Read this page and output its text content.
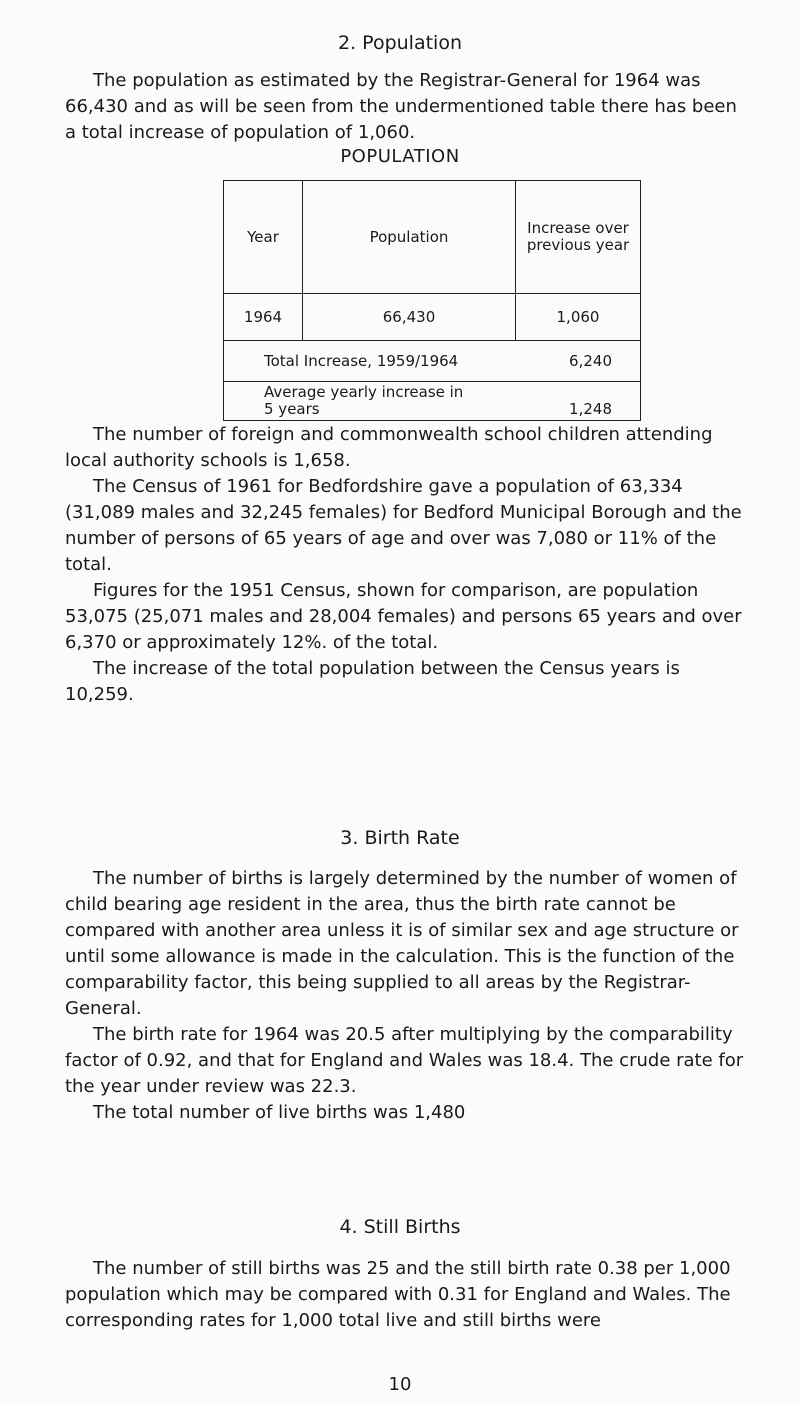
2. Population

The population as estimated by the Registrar-General for 1964 was 66,430 and as will be seen from the undermentioned table there has been a total increase of population of 1,060.

POPULATION
Year	Population	Increase over previous year

1964	66,430	1,060

Total Increase, 1959/1964 6,240		

Average yearly increase in
5 years 1,248		

The number of foreign and commonwealth school children attending local authority schools is 1,658.

The Census of 1961 for Bedfordshire gave a population of 63,334 (31,089 males and 32,245 females) for Bedford Municipal Borough and the number of persons of 65 years of age and over was 7,080 or 11% of the total.

Figures for the 1951 Census, shown for comparison, are population 53,075 (25,071 males and 28,004 females) and persons 65 years and over 6,370 or approximately 12%. of the total.

The increase of the total population between the Census years is 10,259.

3. Birth Rate

The number of births is largely determined by the number of women of child bearing age resident in the area, thus the birth rate cannot be compared with another area unless it is of similar sex and age structure or until some allowance is made in the calculation. This is the function of the comparability factor, this being supplied to all areas by the Registrar-General.

The birth rate for 1964 was 20.5 after multiplying by the comparability factor of 0.92, and that for England and Wales was 18.4. The crude rate for the year under review was 22.3.

The total number of live births was 1,480

4. Still Births

The number of still births was 25 and the still birth rate 0.38 per 1,000 population which may be compared with 0.31 for England and Wales. The corresponding rates for 1,000 total live and still births were

10
